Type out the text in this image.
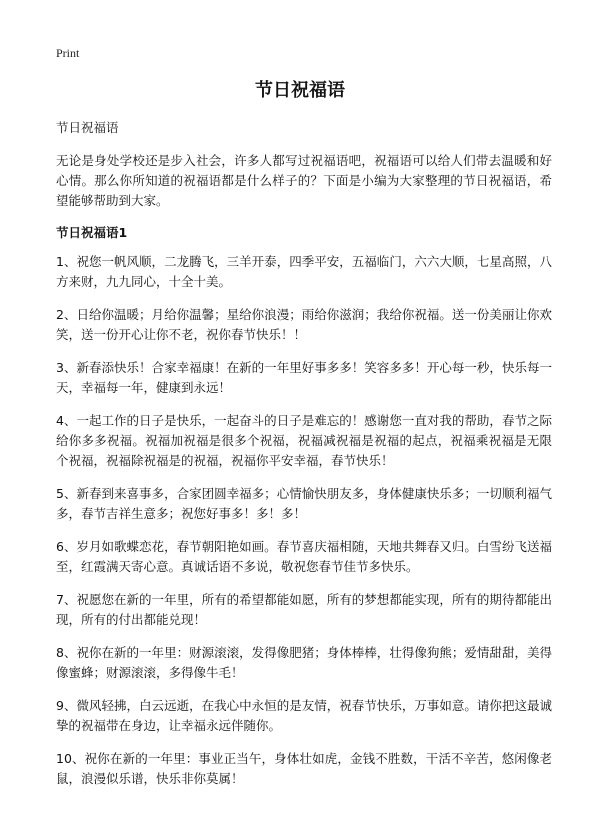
Print
节日祝福语

节日祝福语

无论是身处学校还是步入社会，许多人都写过祝福语吧，祝福语可以给人们带去温暖和好心情。那么你所知道的祝福语都是什么样子的？下面是小编为大家整理的节日祝福语，希望能够帮助到大家。

节日祝福语1

1、祝您一帆风顺，二龙腾飞，三羊开泰，四季平安，五福临门，六六大顺，七星高照，八方来财，九九同心，十全十美。

2、日给你温暖；月给你温馨；星给你浪漫；雨给你滋润；我给你祝福。送一份美丽让你欢笑，送一份开心让你不老，祝你春节快乐！！

3、新春添快乐！合家幸福康！在新的一年里好事多多！笑容多多！开心每一秒，快乐每一天，幸福每一年，健康到永远！

4、一起工作的日子是快乐，一起奋斗的日子是难忘的！感谢您一直对我的帮助，春节之际给你多多祝福。祝福加祝福是很多个祝福，祝福减祝福是祝福的起点，祝福乘祝福是无限个祝福，祝福除祝福是的祝福，祝福你平安幸福，春节快乐！

5、新春到来喜事多，合家团圆幸福多；心情愉快朋友多，身体健康快乐多；一切顺利福气多，春节吉祥生意多；祝您好事多！多！多！

6、岁月如歌蝶恋花，春节朝阳艳如画。春节喜庆福相随，天地共舞春又归。白雪纷飞送福至，红霞满天寄心意。真诚话语不多说，敬祝您春节佳节多快乐。

7、祝愿您在新的一年里，所有的希望都能如愿，所有的梦想都能实现，所有的期待都能出现，所有的付出都能兑现！

8、祝你在新的一年里：财源滚滚，发得像肥猪；身体棒棒，壮得像狗熊；爱情甜甜，美得像蜜蜂；财源滚滚，多得像牛毛！

9、微风轻拂，白云远逝，在我心中永恒的是友情，祝春节快乐，万事如意。请你把这最诚挚的祝福带在身边，让幸福永远伴随你。

10、祝你在新的一年里：事业正当午，身体壮如虎，金钱不胜数，干活不辛苦，悠闲像老鼠，浪漫似乐谱，快乐非你莫属！
